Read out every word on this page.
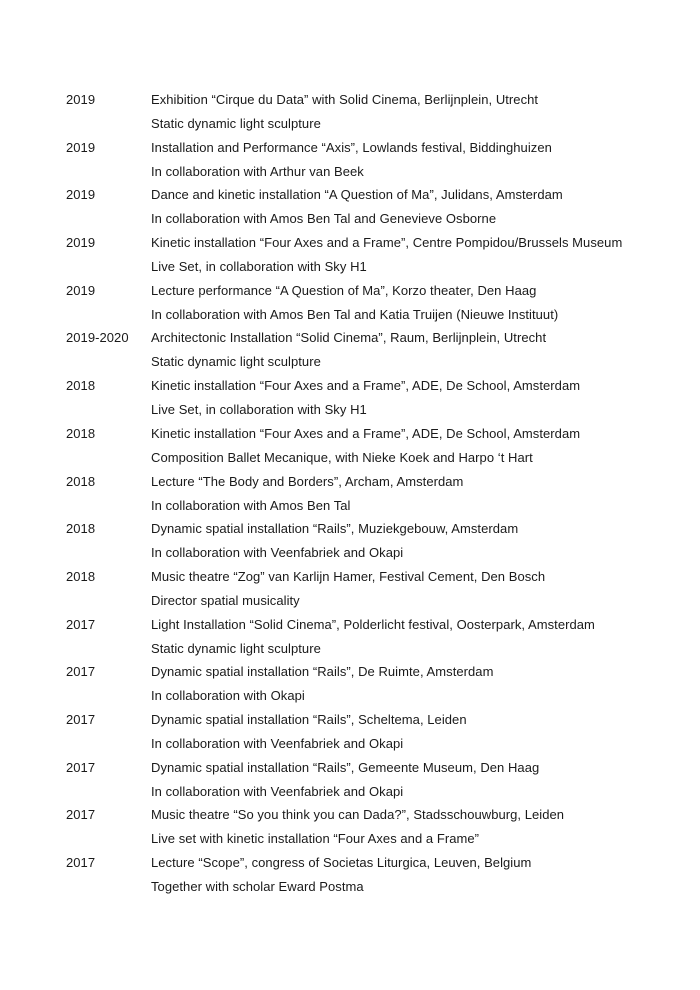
2019	Exhibition “Cirque du Data” with Solid Cinema, Berlijnplein, Utrecht
Static dynamic light sculpture
2019	Installation and Performance “Axis”, Lowlands festival, Biddinghuizen
In collaboration with Arthur van Beek
2019	Dance and kinetic installation “A Question of Ma”, Julidans, Amsterdam
In collaboration with Amos Ben Tal and Genevieve Osborne
2019	Kinetic installation “Four Axes and a Frame”, Centre Pompidou/Brussels Museum
Live Set, in collaboration with Sky H1
2019	Lecture performance “A Question of Ma”, Korzo theater, Den Haag
In collaboration with Amos Ben Tal and Katia Truijen (Nieuwe Instituut)
2019-2020 Architectonic Installation “Solid Cinema”, Raum, Berlijnplein, Utrecht
Static dynamic light sculpture
2018	Kinetic installation “Four Axes and a Frame”, ADE, De School, Amsterdam
Live Set, in collaboration with Sky H1
2018	Kinetic installation “Four Axes and a Frame”, ADE, De School, Amsterdam
Composition Ballet Mecanique, with Nieke Koek and Harpo ‘t Hart
2018	Lecture “The Body and Borders”, Archam, Amsterdam
In collaboration with Amos Ben Tal
2018	Dynamic spatial installation “Rails”, Muziekgebouw, Amsterdam
In collaboration with Veenfabriek and Okapi
2018	Music theatre “Zog” van Karlijn Hamer, Festival Cement, Den Bosch
Director spatial musicality
2017	Light Installation “Solid Cinema”, Polderlicht festival, Oosterpark, Amsterdam
Static dynamic light sculpture
2017	Dynamic spatial installation “Rails”, De Ruimte, Amsterdam
In collaboration with Okapi
2017	Dynamic spatial installation “Rails”, Scheltema, Leiden
In collaboration with Veenfabriek and Okapi
2017	Dynamic spatial installation “Rails”, Gemeente Museum, Den Haag
In collaboration with Veenfabriek and Okapi
2017	Music theatre “So you think you can Dada?”, Stadsschouwburg, Leiden
Live set with kinetic installation “Four Axes and a Frame”
2017	Lecture “Scope”, congress of Societas Liturgica, Leuven, Belgium
Together with scholar Eward Postma
